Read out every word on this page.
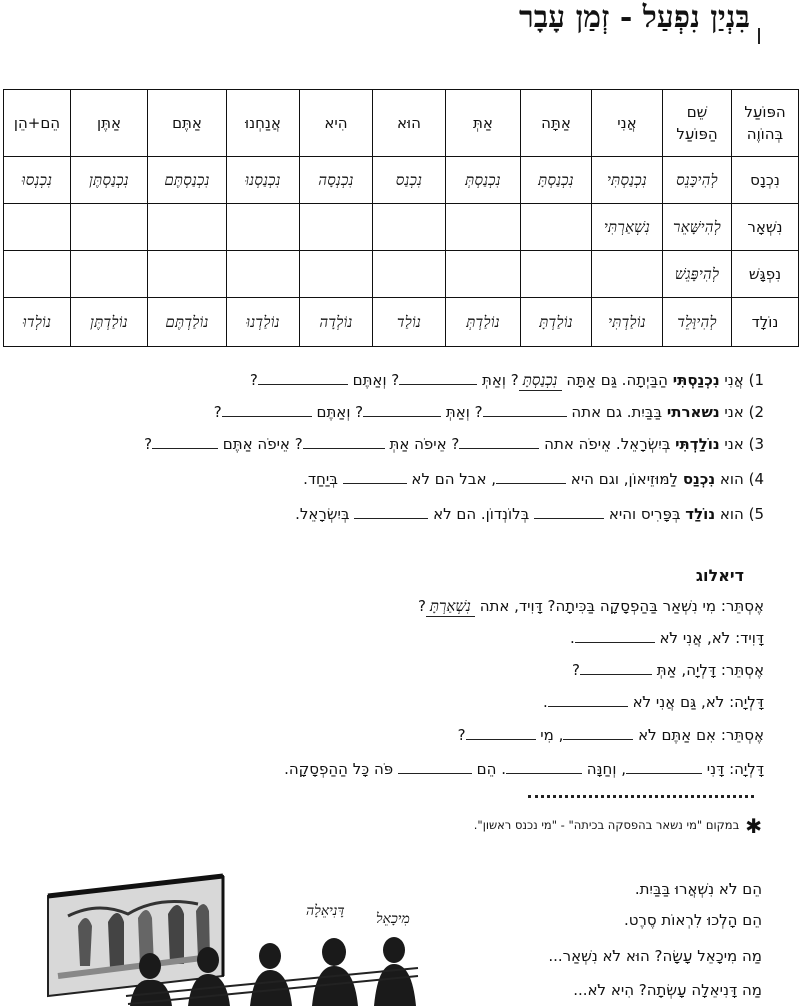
בִּנְיַן נִפְעַל - זְמַן עָבָר
הפּוֹעַל בְּהוֹוֶה	שֵׁם הַפּוֹעַל	אֲנִי	אַתָּה	אַתְּ	הוּא	הִיא	אֲנַחְנוּ	אַתֶּם	אַתֶּן	הֵם+הֵן
נִכְנָס	לְהִיכָּנֵס	נִכְנַסְתִּי	נִכְנַסְתָּ	נִכְנַסְתְּ	נִכְנַס	נִכְנְסָה	נִכְנַסְנוּ	נִכְנַסְתֶּם	נִכְנַסְתֶּן	נִכְנְסוּ
נִשְׁאָר	לְהִישָּׁאֵר	נִשְׁאַרְתִּי								
נִפְגָּשׁ	לְהִיפָּגֵשׁ									
נוֹלָד	לְהִיוָּלֵד	נוֹלַדְתִּי	נוֹלַדְתָּ	נוֹלַדְתְּ	נוֹלַד	נוֹלְדָה	נוֹלַדְנוּ	נוֹלַדְתֶּם	נוֹלַדְתֶּן	נוֹלְדוּ
1) אֲנִי נִכְנַסְתִּי הַבַּיְתָה. גַּם אַתָּה נִכְנַסְתָּ? וְאַתְּ ? וְאַתֶּם ?
2) אני נשארתי בַּבַּיִת. גם אתה ? וְאַתְּ ? וְאַתֶּם ?
3) אני נוֹלַדְתִּי בְּיִשְׂרָאֵל. אֵיפֹה אתה ? אֵיפֹה אַתְּ ? אֵיפֹה אַתֶּם ?
4) הוא נִכְנַס לַמּוּזֵיאוֹן, וגם היא , אבל הם לא  בְּיַחַד.
5) הוא נוֹלַד בְּפָּרִיס והיא  בְּלוֹנְדוֹן. הם לא  בְּיִשְׂרָאֵל.
דיאלוג
אֶסְתֵּר: מִי נִשְׁאַר בַּהַפְסָקָה בַּכִּיתָה? דָּוִיד, אתה נִשְׁאַרְתָּ?
דָּוִיד: לֹא, אֲנִי לֹא .
אֶסְתֵּר: דָּלְיָה, אַתְּ ?
דָּלְיָה: לֹא, גַּם אֲנִי לֹא .
אֶסְתֵּר: אִם אַתֶּם לֹא , מִי ?
דָּלְיָה: דָּנִי , וְחַנָּה . הֵם  פֹּה כָּל הַהַפְסָקָה.
✱במקום "מי נשאר בהפסקה בכיתה" - "מי נכנס ראשון".
דָּנִיאֵלָה מִיכָאֵל
הֵם לֹא נִשְׁאֲרוּ בַּבַּיִת.
הֵם הָלְכוּ לִרְאוֹת סֶרֶט.
מַה מִיכָאֵל עָשָׂה? הוּא לֹא נִשְׁאַר...
מַה דָּנִיאֵלָה עָשְׂתָה? הִיא לֹא...
